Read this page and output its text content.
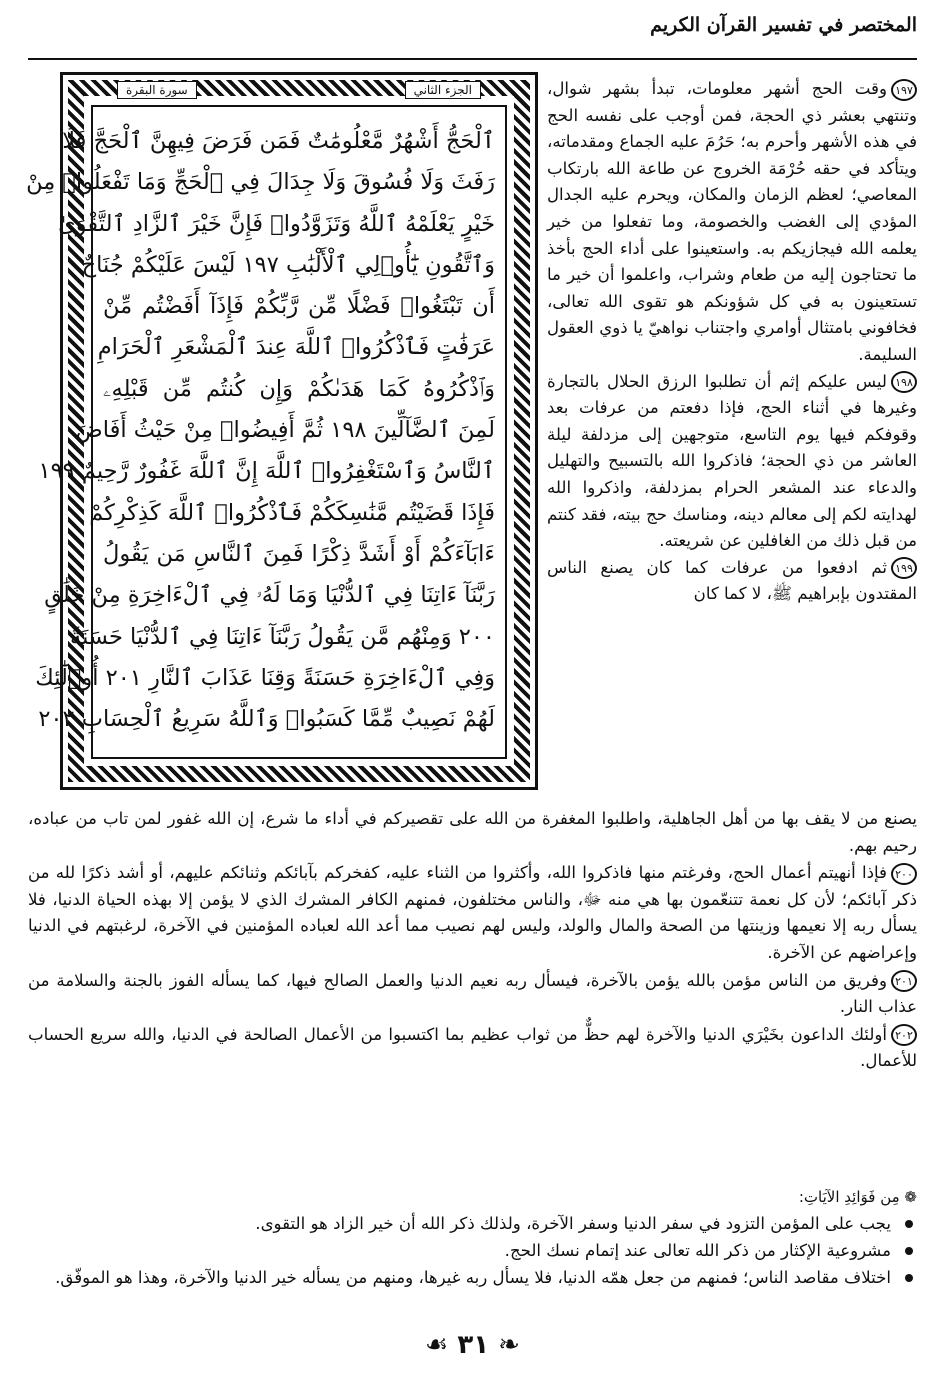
المختصر في تفسير القرآن الكريم
الجزء الثاني
سورة البقرة
ٱلْحَجُّ أَشْهُرٌ مَّعْلُومَٰتٌ فَمَن فَرَضَ فِيهِنَّ ٱلْحَجَّ فَلَا
رَفَثَ وَلَا فُسُوقَ وَلَا جِدَالَ فِي ٱلْحَجِّ وَمَا تَفْعَلُوا۟ مِنْ
خَيْرٍ يَعْلَمْهُ ٱللَّهُ وَتَزَوَّدُوا۟ فَإِنَّ خَيْرَ ٱلزَّادِ ٱلتَّقْوَىٰ
وَٱتَّقُونِ يَٰٓأُو۟لِي ٱلْأَلْبَٰبِ ١٩٧ لَيْسَ عَلَيْكُمْ جُنَاحٌ
أَن تَبْتَغُوا۟ فَضْلًا مِّن رَّبِّكُمْ فَإِذَآ أَفَضْتُم مِّنْ
عَرَفَٰتٍ فَٱذْكُرُوا۟ ٱللَّهَ عِندَ ٱلْمَشْعَرِ ٱلْحَرَامِ
وَٱذْكُرُوهُ كَمَا هَدَىٰكُمْ وَإِن كُنتُم مِّن قَبْلِهِۦ
لَمِنَ ٱلضَّآلِّينَ ١٩٨ ثُمَّ أَفِيضُوا۟ مِنْ حَيْثُ أَفَاضَ
ٱلنَّاسُ وَٱسْتَغْفِرُوا۟ ٱللَّهَ إِنَّ ٱللَّهَ غَفُورٌ رَّحِيمٌ ١٩٩
فَإِذَا قَضَيْتُم مَّنَٰسِكَكُمْ فَٱذْكُرُوا۟ ٱللَّهَ كَذِكْرِكُمْ
ءَابَآءَكُمْ أَوْ أَشَدَّ ذِكْرًا فَمِنَ ٱلنَّاسِ مَن يَقُولُ
رَبَّنَآ ءَاتِنَا فِي ٱلدُّنْيَا وَمَا لَهُۥ فِي ٱلْءَاخِرَةِ مِنْ خَلَٰقٍ
٢٠٠ وَمِنْهُم مَّن يَقُولُ رَبَّنَآ ءَاتِنَا فِي ٱلدُّنْيَا حَسَنَةً
وَفِي ٱلْءَاخِرَةِ حَسَنَةً وَقِنَا عَذَابَ ٱلنَّارِ ٢٠١ أُو۟لَٰٓئِكَ
لَهُمْ نَصِيبٌ مِّمَّا كَسَبُوا۟ وَٱللَّهُ سَرِيعُ ٱلْحِسَابِ ٢٠٢

١٩٧وقت الحج أشهر معلومات، تبدأ بشهر شوال، وتنتهي بعشر ذي الحجة، فمن أوجب على نفسه الحج في هذه الأشهر وأحرم به؛ حَرُمَ عليه الجماع ومقدماته، ويتأكد في حقه حُرْمَة الخروج عن طاعة الله بارتكاب المعاصي؛ لعظم الزمان والمكان، ويحرم عليه الجدال المؤدي إلى الغضب والخصومة، وما تفعلوا من خير يعلمه الله فيجازيكم به. واستعينوا على أداء الحج بأخذ ما تحتاجون إليه من طعام وشراب، واعلموا أن خير ما تستعينون به في كل شؤونكم هو تقوى الله تعالى، فخافوني بامتثال أوامري واجتناب نواهيّ يا ذوي العقول السليمة.

١٩٨ليس عليكم إثم أن تطلبوا الرزق الحلال بالتجارة وغيرها في أثناء الحج، فإذا دفعتم من عرفات بعد وقوفكم فيها يوم التاسع، متوجهين إلى مزدلفة ليلة العاشر من ذي الحجة؛ فاذكروا الله بالتسبيح والتهليل والدعاء عند المشعر الحرام بمزدلفة، واذكروا الله لهدايته لكم إلى معالم دينه، ومناسك حج بيته، فقد كنتم من قبل ذلك من الغافلين عن شريعته.

١٩٩ثم ادفعوا من عرفات كما كان يصنع الناس المقتدون بإبراهيم ﷺ، لا كما كان

يصنع من لا يقف بها من أهل الجاهلية، واطلبوا المغفرة من الله على تقصيركم في أداء ما شرع، إن الله غفور لمن تاب من عباده، رحيم بهم.

٢٠٠فإذا أنهيتم أعمال الحج، وفرغتم منها فاذكروا الله، وأكثروا من الثناء عليه، كفخركم بآبائكم وثنائكم عليهم، أو أشد ذكرًا لله من ذكر آبائكم؛ لأن كل نعمة تتنعّمون بها هي منه ﷻ، والناس مختلفون، فمنهم الكافر المشرك الذي لا يؤمن إلا بهذه الحياة الدنيا، فلا يسأل ربه إلا نعيمها وزينتها من الصحة والمال والولد، وليس لهم نصيب مما أعد الله لعباده المؤمنين في الآخرة، لرغبتهم في الدنيا وإعراضهم عن الآخرة.

٢٠١وفريق من الناس مؤمن بالله يؤمن بالآخرة، فيسأل ربه نعيم الدنيا والعمل الصالح فيها، كما يسأله الفوز بالجنة والسلامة من عذاب النار.

٢٠٢أولئك الداعون بخَيْرَي الدنيا والآخرة لهم حظٌّ من ثواب عظيم بما اكتسبوا من الأعمال الصالحة في الدنيا، والله سريع الحساب للأعمال.

❁ مِن فَوَائِدِ الآيَاتِ:
يجب على المؤمن التزود في سفر الدنيا وسفر الآخرة، ولذلك ذكر الله أن خير الزاد هو التقوى.
مشروعية الإكثار من ذكر الله تعالى عند إتمام نسك الحج.
اختلاف مقاصد الناس؛ فمنهم من جعل همّه الدنيا، فلا يسأل ربه غيرها، ومنهم من يسأله خير الدنيا والآخرة، وهذا هو الموفّق.
❧ ٣١ ☙
